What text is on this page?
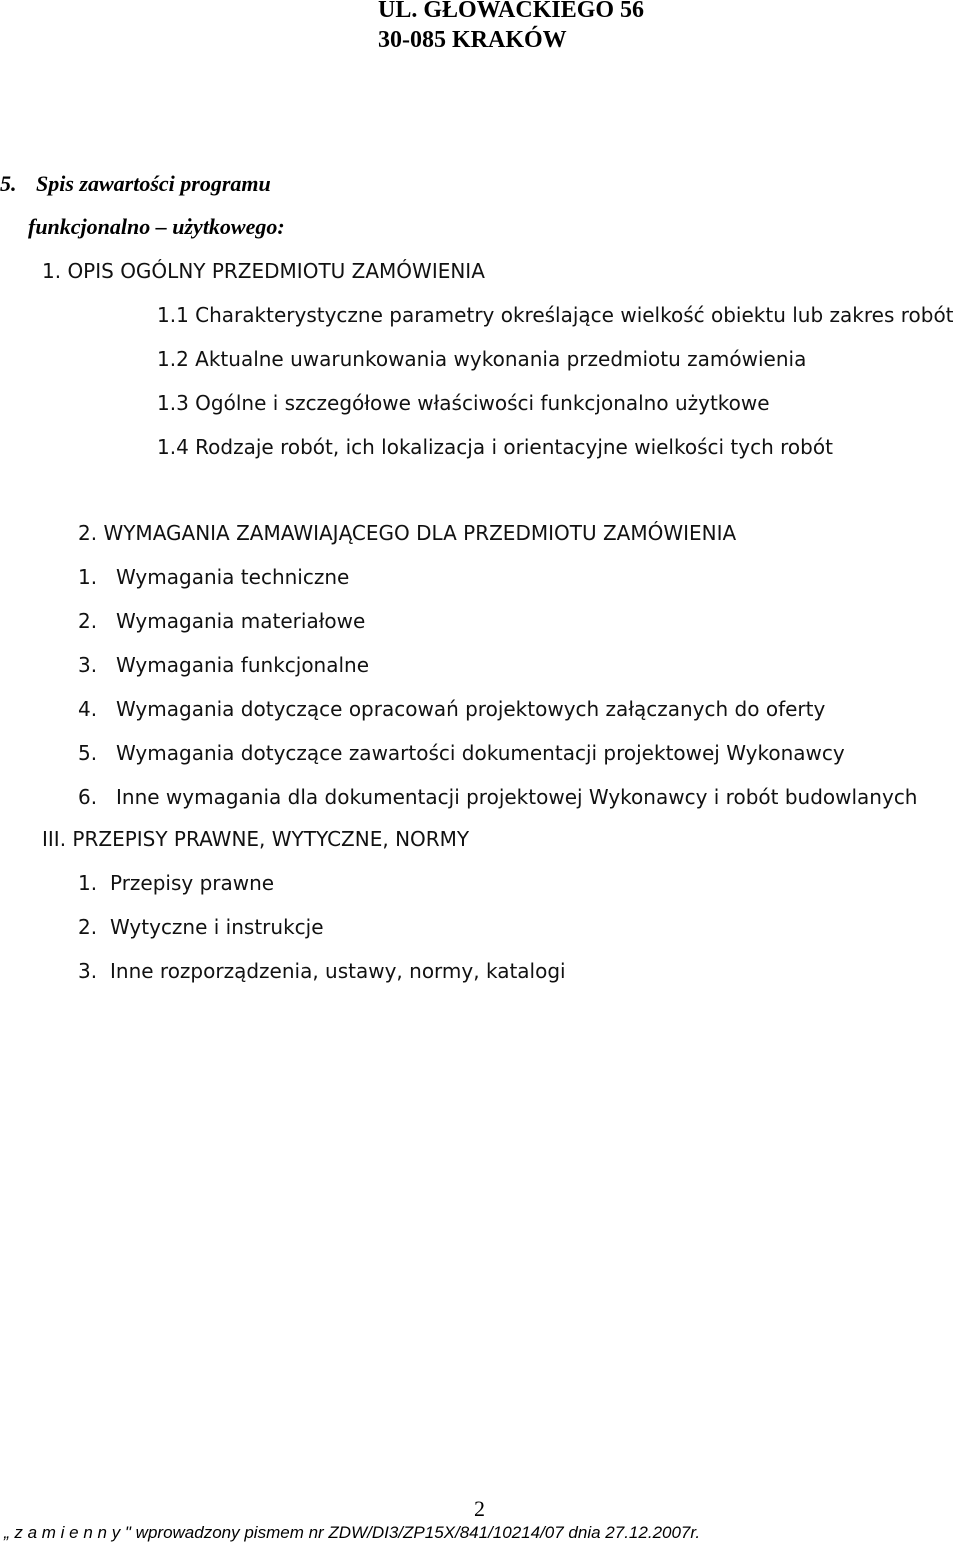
UL. GŁOWACKIEGO 56
30-085 KRAKÓW
5. Spis zawartości programu
funkcjonalno – użytkowego:
1. OPIS OGÓLNY PRZEDMIOTU ZAMÓWIENIA
1.1 Charakterystyczne parametry określające wielkość obiektu lub zakres robót
1.2 Aktualne uwarunkowania wykonania przedmiotu zamówienia
1.3 Ogólne i szczegółowe właściwości funkcjonalno użytkowe
1.4 Rodzaje robót, ich lokalizacja i orientacyjne wielkości tych robót
2. WYMAGANIA ZAMAWIAJĄCEGO DLA PRZEDMIOTU ZAMÓWIENIA
1. Wymagania techniczne
2. Wymagania materiałowe
3. Wymagania funkcjonalne
4. Wymagania dotyczące opracowań projektowych załączanych do oferty
5. Wymagania dotyczące zawartości dokumentacji projektowej Wykonawcy
6. Inne wymagania dla dokumentacji projektowej Wykonawcy i robót budowlanych
III. PRZEPISY PRAWNE, WYTYCZNE, NORMY
1. Przepisy prawne
2. Wytyczne i instrukcje
3. Inne rozporządzenia, ustawy, normy, katalogi
2
„ z a m i e n n y " wprowadzony pismem nr ZDW/DI3/ZP15X/841/10214/07 dnia 27.12.2007r.
